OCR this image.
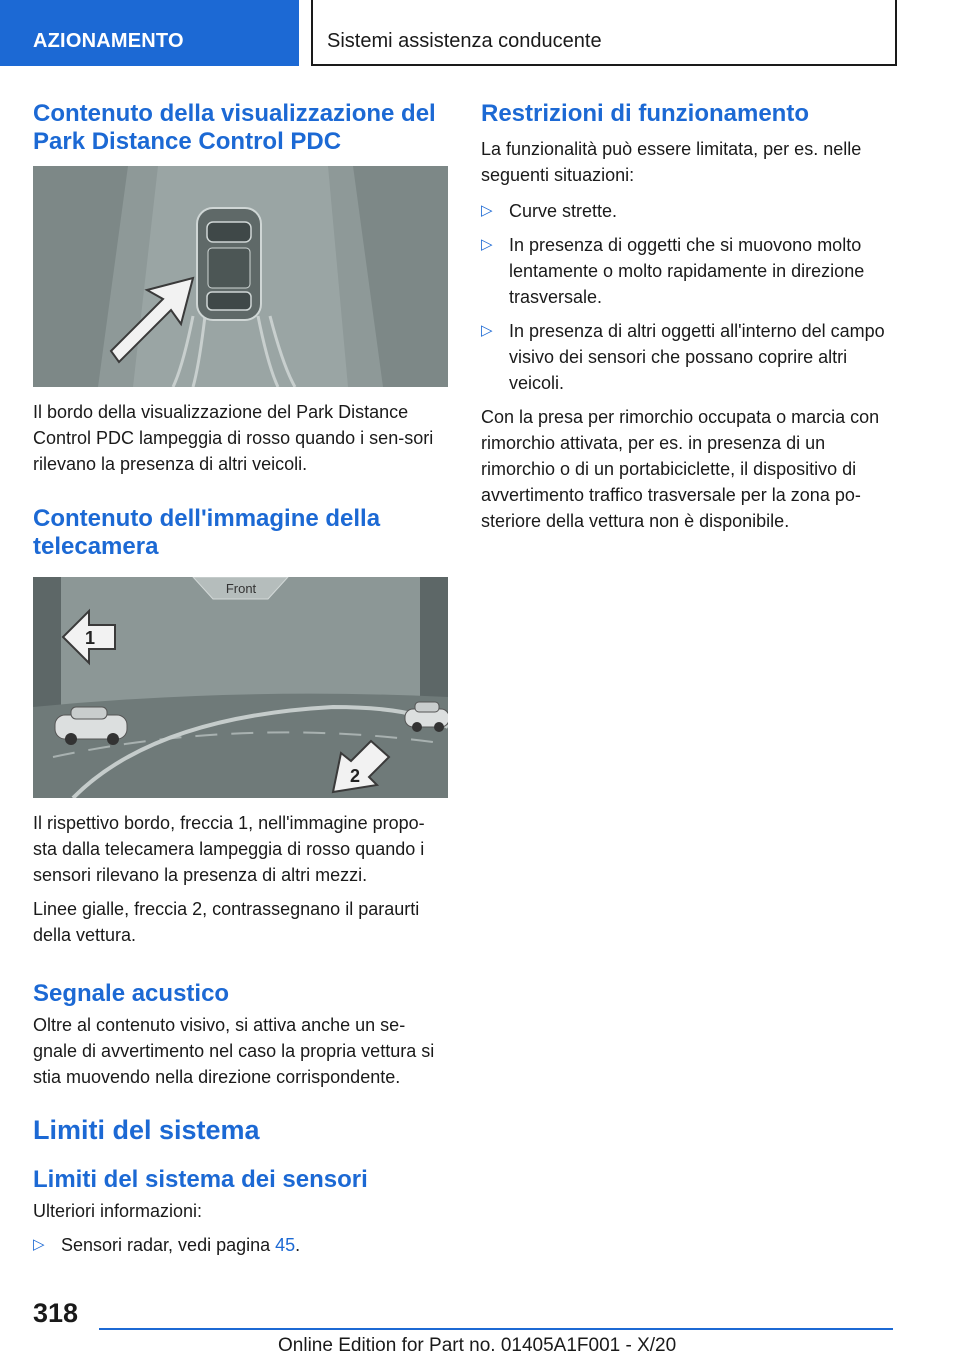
AZIONAMENTO	Sistemi assistenza conducente
Contenuto della visualizzazione del Park Distance Control PDC

Il bordo della visualizzazione del Park Distance Control PDC lampeggia di rosso quando i sen-sori rilevano la presenza di altri veicoli.

Contenuto dell'immagine della telecamera
Front
1
2

Il rispettivo bordo, freccia 1, nell'immagine propo-sta dalla telecamera lampeggia di rosso quando i sensori rilevano la presenza di altri mezzi.

Linee gialle, freccia 2, contrassegnano il paraurti della vettura.

Segnale acustico

Oltre al contenuto visivo, si attiva anche un se-gnale di avvertimento nel caso la propria vettura si stia muovendo nella direzione corrispondente.

Limiti del sistema
Limiti del sistema dei sensori

Ulteriori informazioni:

▷ Sensori radar, vedi pagina 45.
Restrizioni di funzionamento

La funzionalità può essere limitata, per es. nelle seguenti situazioni:

▷ Curve strette.
▷ In presenza di oggetti che si muovono molto lentamente o molto rapidamente in direzione trasversale.
▷ In presenza di altri oggetti all'interno del campo visivo dei sensori che possano coprire altri veicoli.

Con la presa per rimorchio occupata o marcia con rimorchio attivata, per es. in presenza di un rimorchio o di un portabiciclette, il dispositivo di avvertimento traffico trasversale per la zona po-steriore della vettura non è disponibile.

318
Online Edition for Part no. 01405A1F001 - X/20
